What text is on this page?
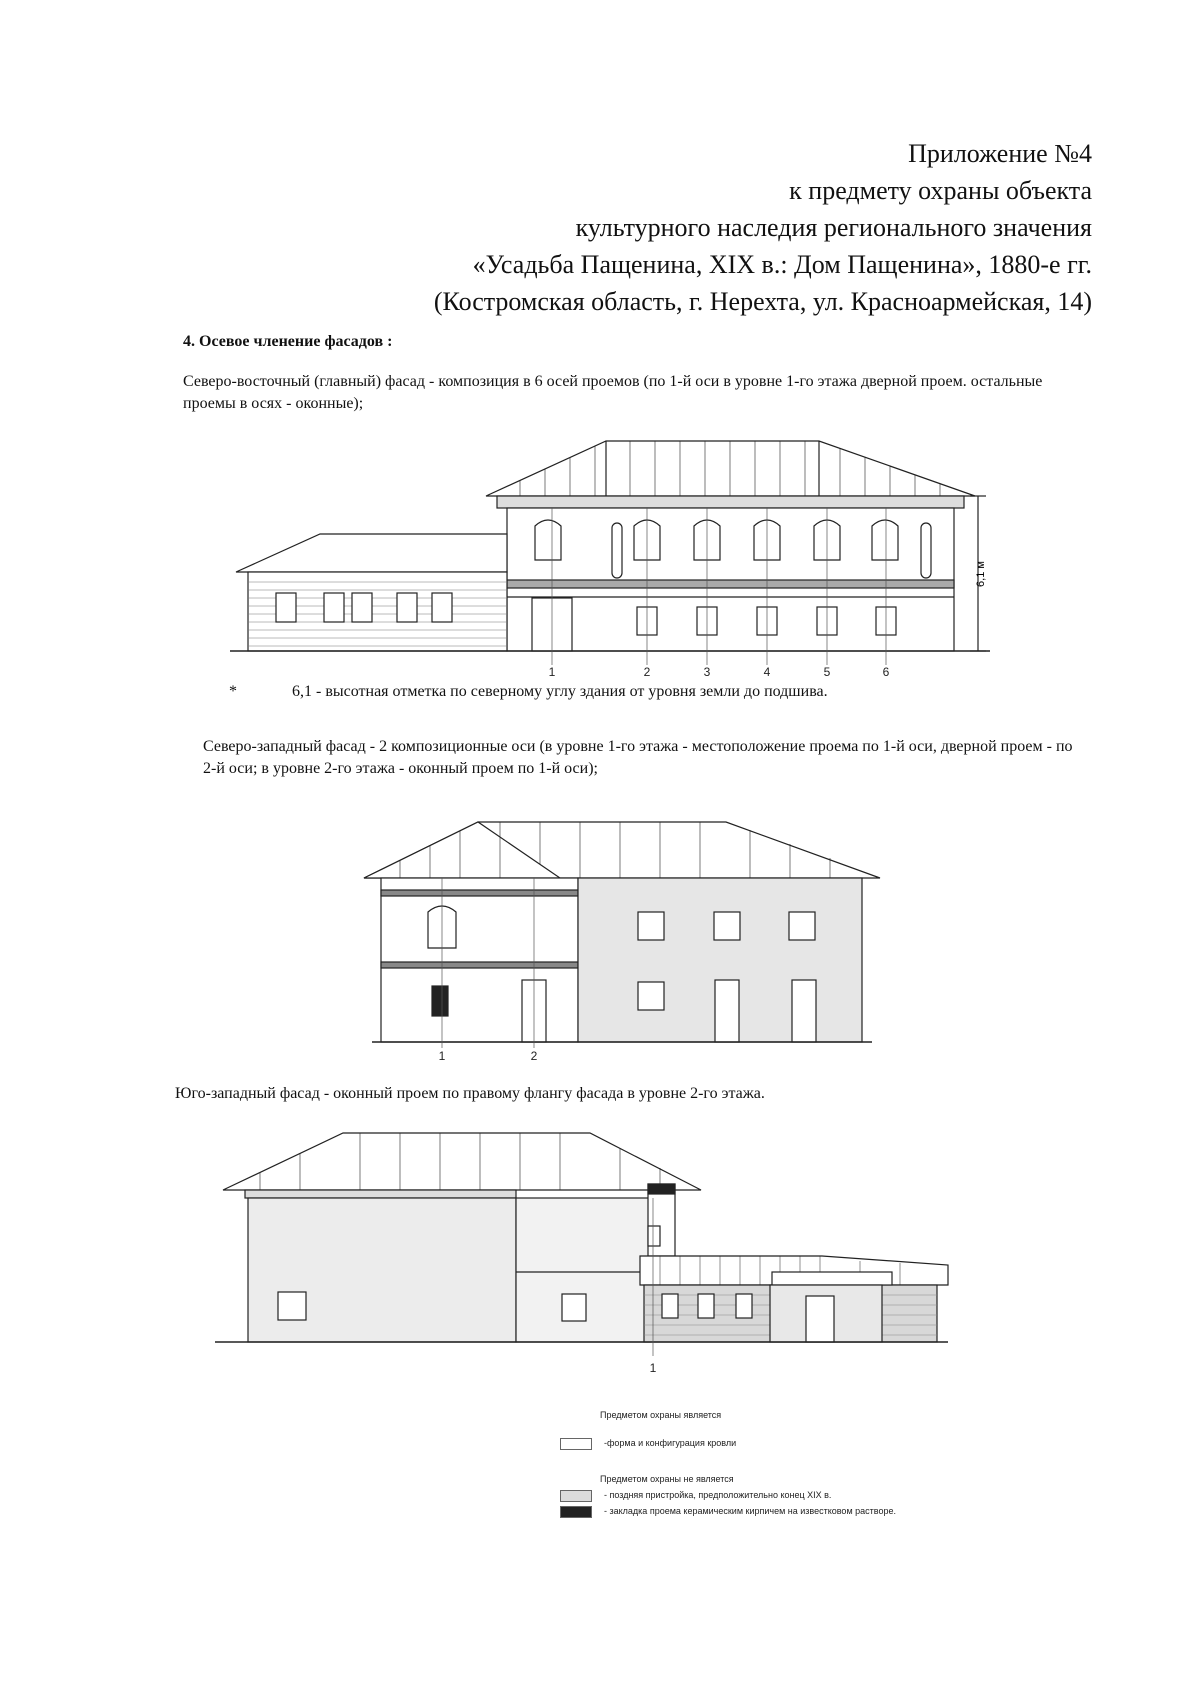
Приложение №4
к предмету охраны объекта
культурного наследия регионального значения
«Усадьба Пащенина, XIX в.: Дом Пащенина», 1880-е гг.
(Костромская область, г. Нерехта, ул. Красноармейская, 14)
4. Осевое членение фасадов :
Северо-восточный (главный) фасад - композиция в 6 осей проемов (по 1-й оси в уровне 1-го этажа дверной проем. остальные проемы в осях - оконные);
6,1 м
1	2	3	4	5	6
*	6,1 - высотная отметка по северному углу здания от уровня земли до подшива.
Северо-западный фасад - 2 композиционные оси (в уровне 1-го этажа - местоположение проема по 1-й оси, дверной проем - по 2-й оси; в уровне 2-го этажа - оконный проем по 1-й оси);
1	2
Юго-западный фасад - оконный проем по правому флангу фасада в уровне 2-го этажа.
1
Предметом охраны является
-форма и конфигурация кровли
Предметом охраны не является
- поздняя пристройка, предположительно конец XIX в.
- закладка проема керамическим кирпичем на известковом растворе.
